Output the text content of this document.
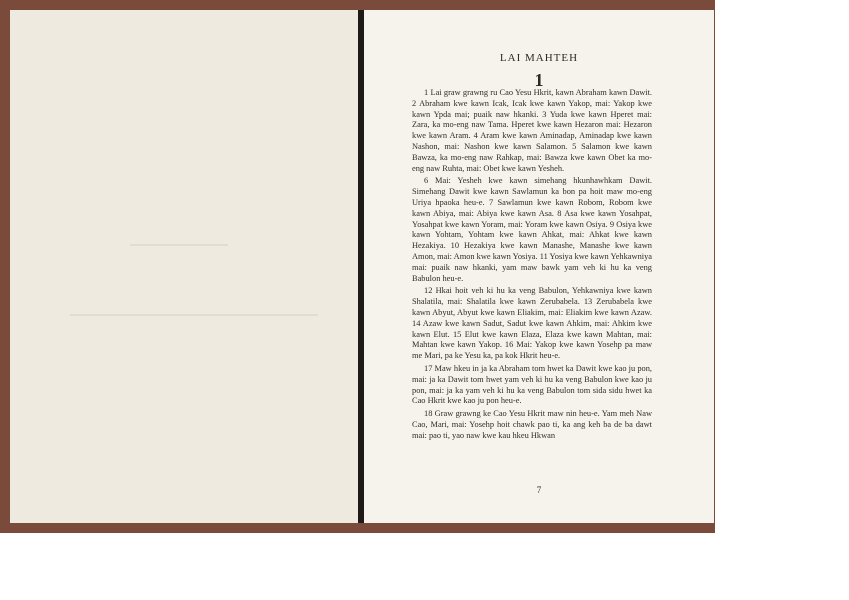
LAI MAHTEH
1

1 Lai graw grawng ru Cao Yesu Hkrit, kawn Abraham kawn Dawit. 2 Abraham kwe kawn Icak, Icak kwe kawn Yakop, mai: Yakop kwe kawn Ypda mai; puaik naw hkanki. 3 Yuda kwe kawn Hperet mai: Zara, ka mo-eng naw Tama. Hperet kwe kawn Hezaron mai: Hezaron kwe kawn Aram. 4 Aram kwe kawn Aminadap, Aminadap kwe kawn Nashon, mai: Nashon kwe kawn Salamon. 5 Salamon kwe kawn Bawza, ka mo-eng naw Rahkap, mai: Bawza kwe kawn Obet ka mo-eng naw Ruhta, mai: Obet kwe kawn Yesheh.

6 Mai: Yesheh kwe kawn simehang hkunhawhkam Dawit. Simehang Dawit kwe kawn Sawlamun ka bon pa hoit maw mo-eng Uriya hpaoka heu-e. 7 Sawlamun kwe kawn Robom, Robom kwe kawn Abiya, mai: Abiya kwe kawn Asa. 8 Asa kwe kawn Yosahpat, Yosahpat kwe kawn Yoram, mai: Yoram kwe kawn Osiya. 9 Osiya kwe kawn Yohtam, Yohtam kwe kawn Ahkat, mai: Ahkat kwe kawn Hezakiya. 10 Hezakiya kwe kawn Manashe, Manashe kwe kawn Amon, mai: Amon kwe kawn Yosiya. 11 Yosiya kwe kawn Yehkawniya mai: puaik naw hkanki, yam maw bawk yam veh ki hu ka veng Babulon heu-e.

12 Hkai hoit veh ki hu ka veng Babulon, Yehkawniya kwe kawn Shalatila, mai: Shalatila kwe kawn Zerubabela. 13 Zerubabela kwe kawn Abyut, Abyut kwe kawn Eliakim, mai: Eliakim kwe kawn Azaw. 14 Azaw kwe kawn Sadut, Sadut kwe kawn Ahkim, mai: Ahkim kwe kawn Elut. 15 Elut kwe kawn Elaza, Elaza kwe kawn Mahtan, mai: Mahtan kwe kawn Yakop. 16 Mai: Yakop kwe kawn Yosehp pa maw me Mari, pa ke Yesu ka, pa kok Hkrit heu-e.

17 Maw hkeu in ja ka Abraham tom hwet ka Dawit kwe kao ju pon, mai: ja ka Dawit tom hwet yam veh ki hu ka veng Babulon kwe kao ju pon, mai: ja ka yam veh ki hu ka veng Babulon tom sida sidu hwet ka Cao Hkrit kwe kao ju pon heu-e.

18 Graw grawng ke Cao Yesu Hkrit maw nin heu-e. Yam meh Naw Cao, Mari, mai: Yosehp hoit chawk pao ti, ka ang keh ba de ba dawt mai: pao ti, yao naw kwe kau hkeu Hkwan

7
